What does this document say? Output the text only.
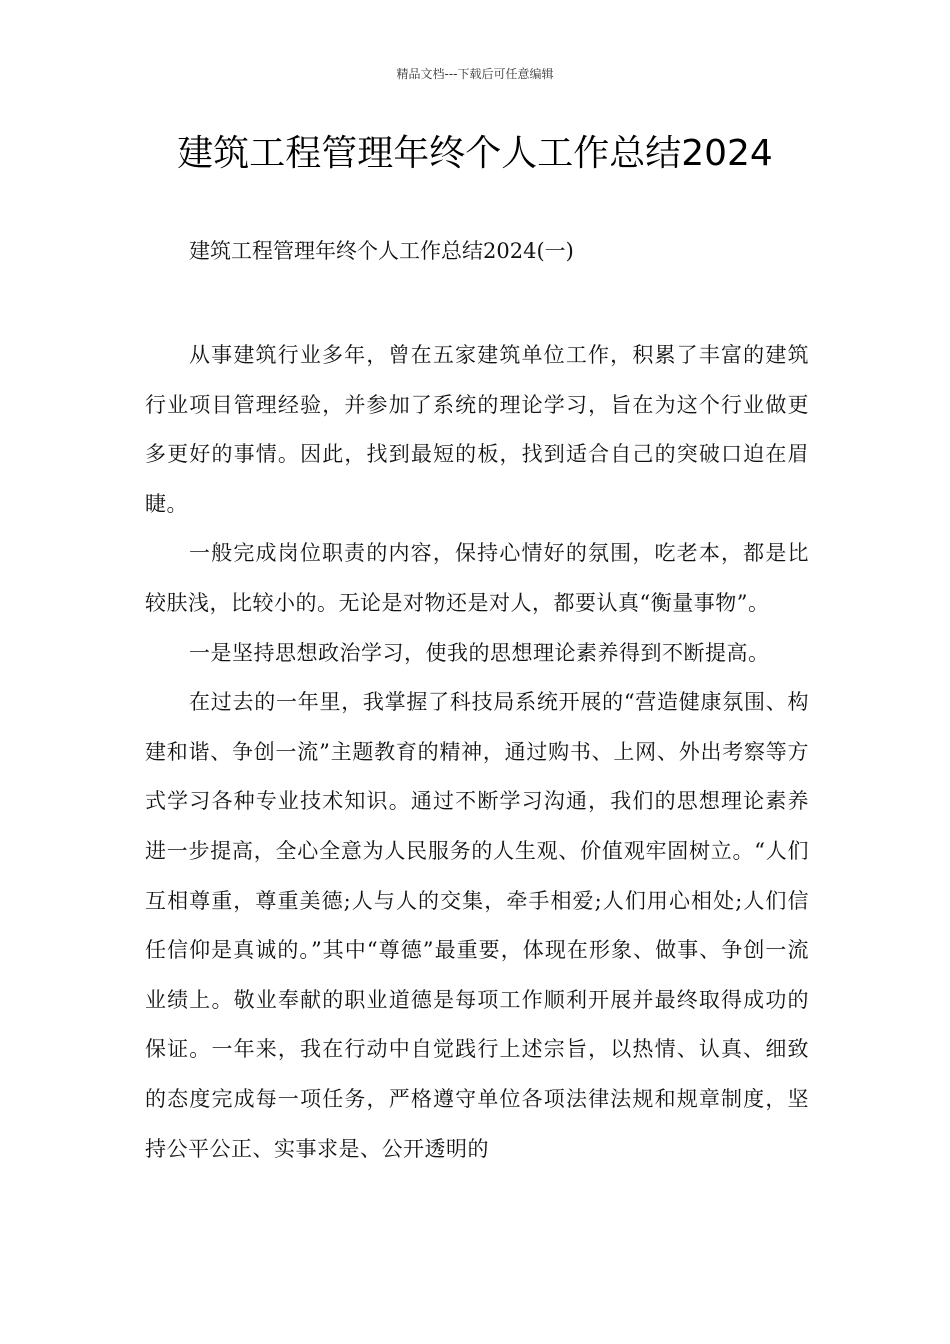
精品文档---下载后可任意编辑
建筑工程管理年终个人工作总结2024
建筑工程管理年终个人工作总结2024(一)

从事建筑行业多年，曾在五家建筑单位工作，积累了丰富的建筑行业项目管理经验，并参加了系统的理论学习，旨在为这个行业做更多更好的事情。因此，找到最短的板，找到适合自己的突破口迫在眉睫。

一般完成岗位职责的内容，保持心情好的氛围，吃老本，都是比较肤浅，比较小的。无论是对物还是对人，都要认真“衡量事物”。

一是坚持思想政治学习，使我的思想理论素养得到不断提高。

在过去的一年里，我掌握了科技局系统开展的“营造健康氛围、构建和谐、争创一流”主题教育的精神，通过购书、上网、外出考察等方式学习各种专业技术知识。通过不断学习沟通，我们的思想理论素养进一步提高，全心全意为人民服务的人生观、价值观牢固树立。“人们互相尊重，尊重美德;人与人的交集，牵手相爱;人们用心相处;人们信任信仰是真诚的。”其中“尊德”最重要，体现在形象、做事、争创一流业绩上。敬业奉献的职业道德是每项工作顺利开展并最终取得成功的保证。一年来，我在行动中自觉践行上述宗旨，以热情、认真、细致的态度完成每一项任务，严格遵守单位各项法律法规和规章制度，坚持公平公正、实事求是、公开透明的
